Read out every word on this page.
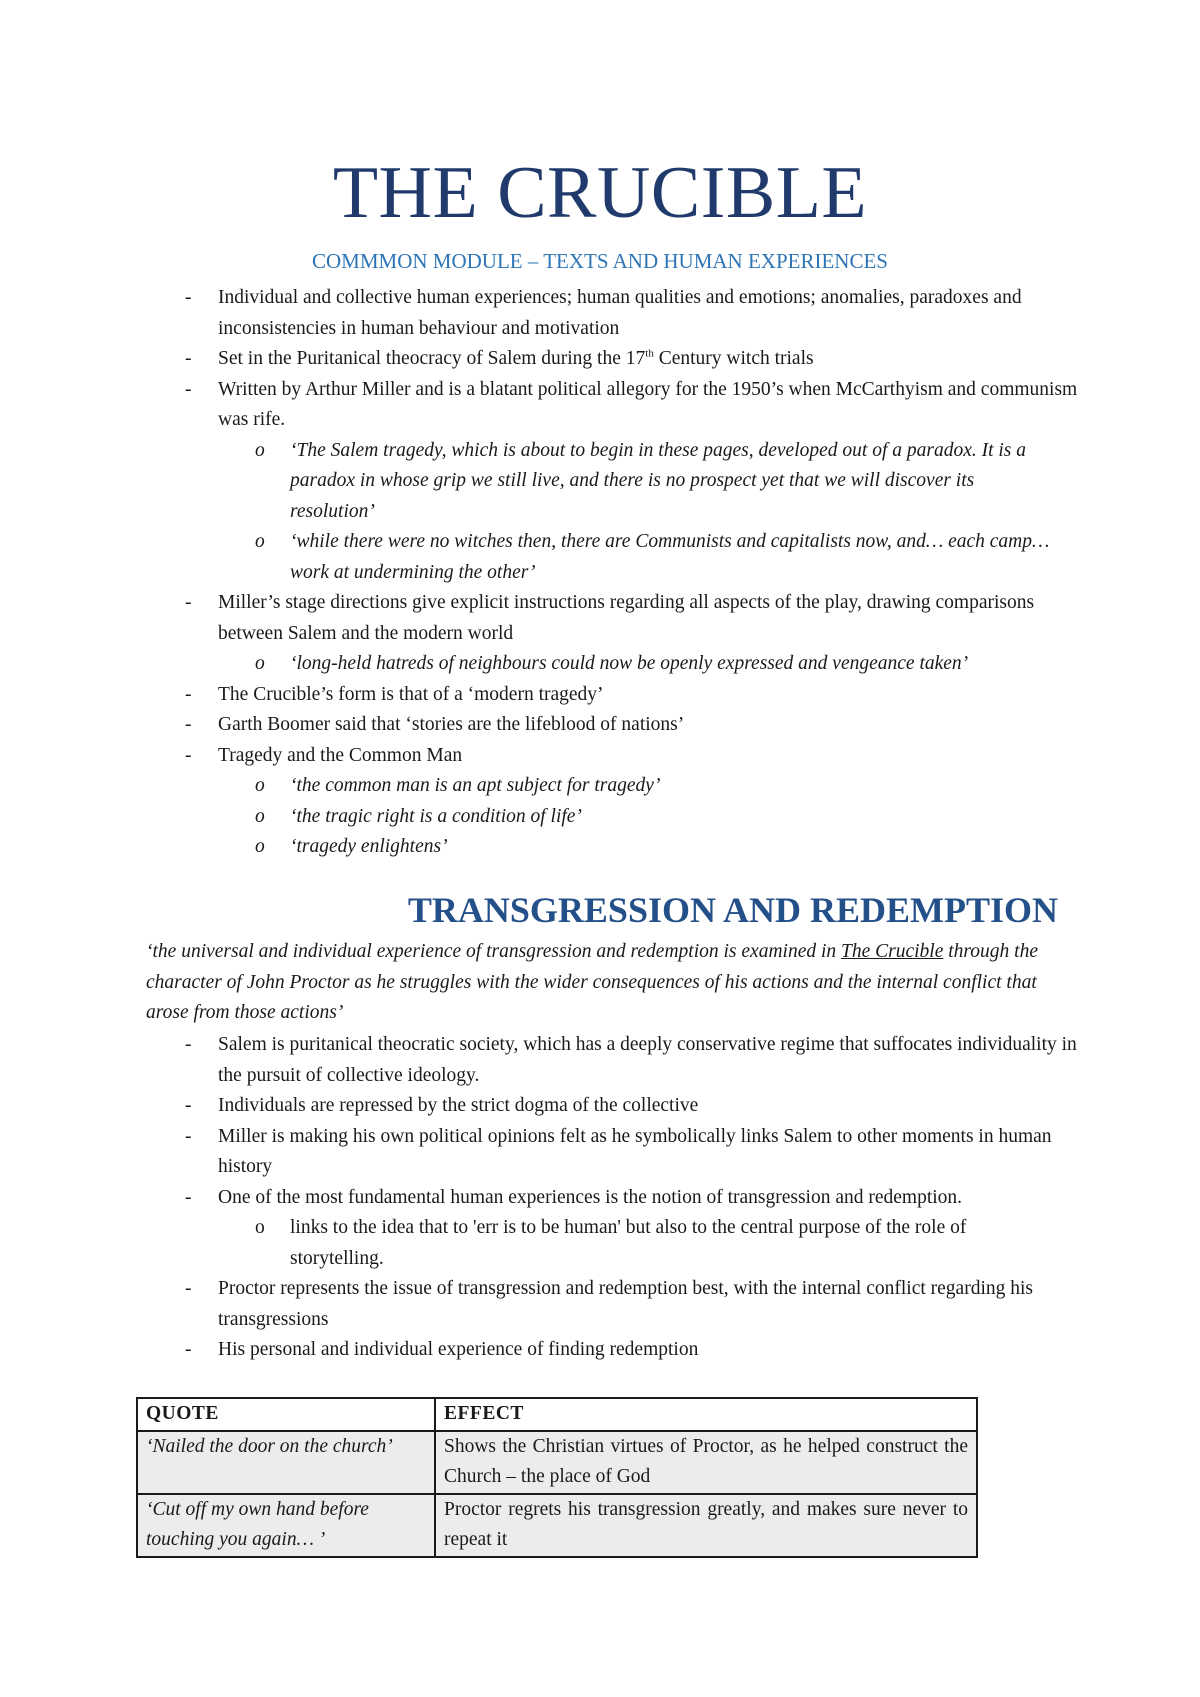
THE CRUCIBLE
COMMMON MODULE – TEXTS AND HUMAN EXPERIENCES
- Individual and collective human experiences; human qualities and emotions; anomalies, paradoxes and inconsistencies in human behaviour and motivation
- Set in the Puritanical theocracy of Salem during the 17th Century witch trials
- Written by Arthur Miller and is a blatant political allegory for the 1950’s when McCarthyism and communism was rife.
o ‘The Salem tragedy, which is about to begin in these pages, developed out of a paradox. It is a paradox in whose grip we still live, and there is no prospect yet that we will discover its resolution’
o ‘while there were no witches then, there are Communists and capitalists now, and… each camp… work at undermining the other’
- Miller’s stage directions give explicit instructions regarding all aspects of the play, drawing comparisons between Salem and the modern world
o ‘long-held hatreds of neighbours could now be openly expressed and vengeance taken’
- The Crucible’s form is that of a ‘modern tragedy’
- Garth Boomer said that ‘stories are the lifeblood of nations’
- Tragedy and the Common Man
o ‘the common man is an apt subject for tragedy’
o ‘the tragic right is a condition of life’
o ‘tragedy enlightens’
TRANSGRESSION AND REDEMPTION
‘the universal and individual experience of transgression and redemption is examined in The Crucible through the character of John Proctor as he struggles with the wider consequences of his actions and the internal conflict that arose from those actions’
- Salem is puritanical theocratic society, which has a deeply conservative regime that suffocates individuality in the pursuit of collective ideology.
- Individuals are repressed by the strict dogma of the collective
- Miller is making his own political opinions felt as he symbolically links Salem to other moments in human history
- One of the most fundamental human experiences is the notion of transgression and redemption.
o links to the idea that to 'err is to be human' but also to the central purpose of the role of storytelling.
- Proctor represents the issue of transgression and redemption best, with the internal conflict regarding his transgressions
- His personal and individual experience of finding redemption
QUOTE	EFFECT
‘Nailed the door on the church’	Shows the Christian virtues of Proctor, as he helped construct the Church – the place of God
‘Cut off my own hand before touching you again… ’	Proctor regrets his transgression greatly, and makes sure never to repeat it
